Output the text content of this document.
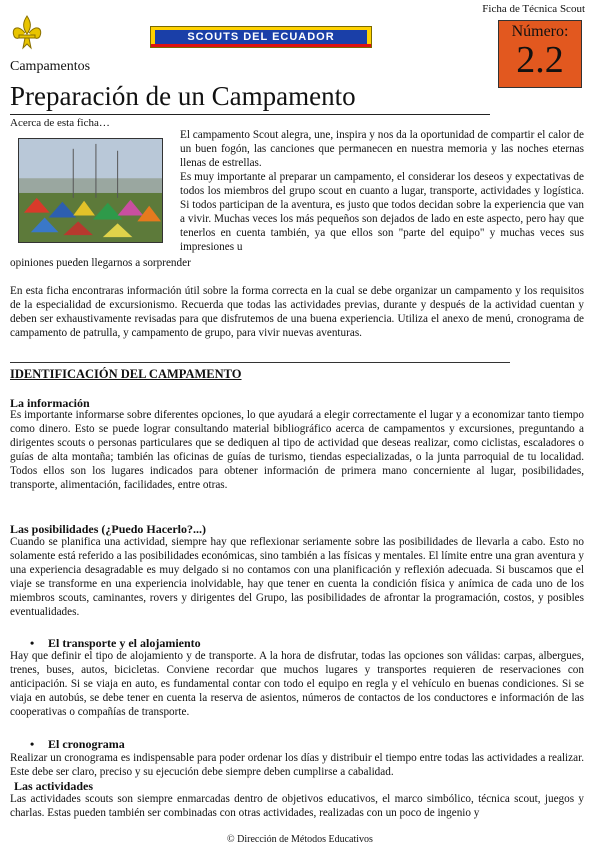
SCOUTS DEL ECUADOR
Ficha de Técnica Scout
Número:
2.2
Campamentos
Preparación de un Campamento
Acerca de esta ficha…

El campamento Scout alegra, une, inspira y nos da la oportunidad de compartir el calor de un buen fogón, las canciones que permanecen en nuestra memoria y las noches eternas llenas de estrellas.

Es muy importante al preparar un campamento, el considerar los deseos y expectativas de todos los miembros del grupo scout en cuanto a lugar, transporte, actividades y logística. Si todos participan de la aventura, es justo que todos decidan sobre la experiencia que van a vivir. Muchas veces los más pequeños son dejados de lado en este aspecto, pero hay que tenerlos en cuenta también, ya que ellos son "parte del equipo" y muchas veces sus impresiones u

opiniones pueden llegarnos a sorprender

En esta ficha encontraras información útil sobre la forma correcta en la cual se debe organizar un campamento y los requisitos de la especialidad de excursionismo. Recuerda que todas las actividades previas, durante y después de la actividad cuentan y deben ser exhaustivamente revisadas para que disfrutemos de una buena experiencia. Utiliza el anexo de menú, cronograma de campamento de patrulla, y campamento de grupo, para vivir nuevas aventuras.

IDENTIFICACIÓN DEL CAMPAMENTO
La información

Es importante informarse sobre diferentes opciones, lo que ayudará a elegir correctamente el lugar y a economizar tanto tiempo como dinero. Esto se puede lograr consultando material bibliográfico acerca de campamentos y excursiones, preguntando a dirigentes scouts o personas particulares que se dediquen al tipo de actividad que deseas realizar, como ciclistas, escaladores o guías de alta montaña; también las oficinas de guías de turismo, tiendas especializadas, o la junta parroquial de tu localidad. Todos ellos son los lugares indicados para obtener información de primera mano concerniente al lugar, posibilidades, transporte, alimentación, facilidades, entre otras.

Las posibilidades (¿Puedo Hacerlo?...)

Cuando se planifica una actividad, siempre hay que reflexionar seriamente sobre las posibilidades de llevarla a cabo. Esto no solamente está referido a las posibilidades económicas, sino también a las físicas y mentales. El límite entre una gran aventura y una experiencia desagradable es muy delgado si no contamos con una planificación y reflexión adecuada. Si buscamos que el viaje se transforme en una experiencia inolvidable, hay que tener en cuenta la condición física y anímica de cada uno de los miembros scouts, caminantes, rovers y dirigentes del Grupo, las posibilidades de afrontar la programación, costos, y posibles eventualidades.

• El transporte y el alojamiento

Hay que definir el tipo de alojamiento y de transporte. A la hora de disfrutar, todas las opciones son válidas: carpas, albergues, trenes, buses, autos, bicicletas. Conviene recordar que muchos lugares y transportes requieren de reservaciones con anticipación. Si se viaja en auto, es fundamental contar con todo el equipo en regla y el vehículo en buenas condiciones. Si se viaja en autobús, se debe tener en cuenta la reserva de asientos, números de contactos de los conductores e información de las cooperativas o compañías de transporte.

• El cronograma

Realizar un cronograma es indispensable para poder ordenar los días y distribuir el tiempo entre todas las actividades a realizar. Este debe ser claro, preciso y su ejecución debe siempre deben cumplirse a cabalidad.

Las actividades

Las actividades scouts son siempre enmarcadas dentro de objetivos educativos, el marco simbólico, técnica scout, juegos y charlas. Estas pueden también ser combinadas con otras actividades, realizadas con un poco de ingenio y

© Dirección de Métodos Educativos
